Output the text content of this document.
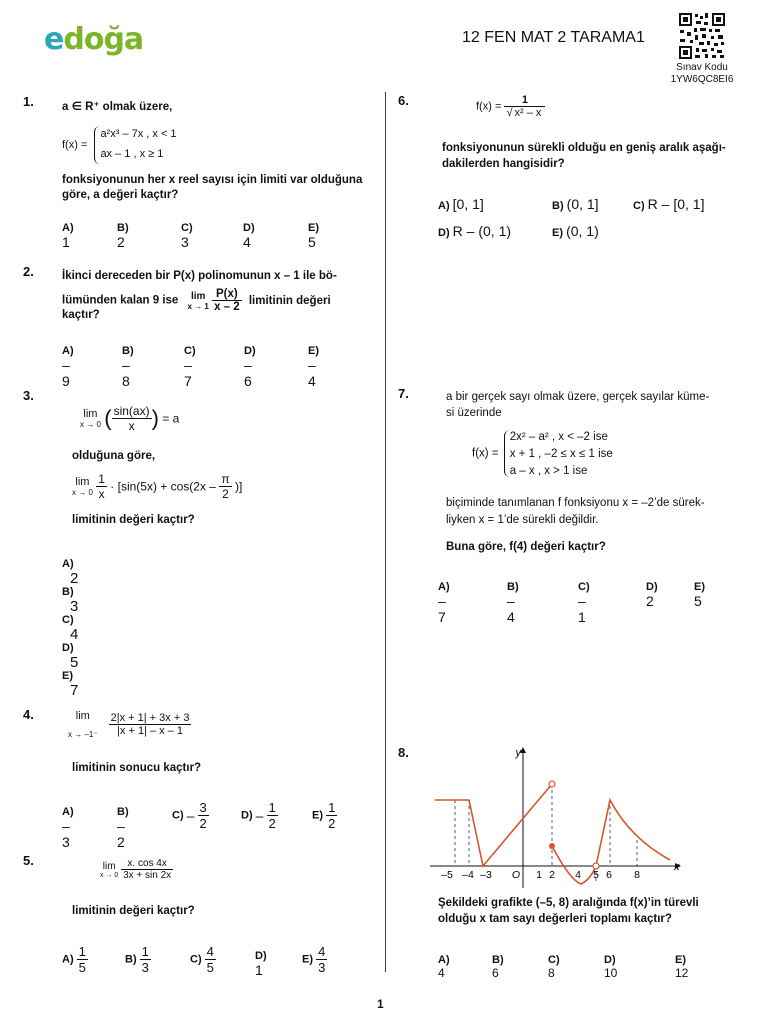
edoğa	12 FEN MAT 2 TARAMA1
Sınav Kodu
1YW6QC8EI6
1. a ∈ R⁺ olmak üzere,
f(x) =
a²x³ – 7x , x < 1
ax – 1 , x ≥ 1
fonksiyonunun her x reel sayısı için limiti var olduğuna göre, a değeri kaçtır?
A) 1
B) 2
C) 3
D) 4
E) 5
2. İkinci dereceden bir P(x) polinomunun x – 1 ile bö-
lümünden kalan 9 ise	lim
x → 1
$\frac{P(x)}{x - 2}$ limitinin değeri
kaçtır?
A) –9
B) –8
C) –7
D) –6
E) –4
3.
lim
x → 0 ( $\frac{\sin(ax)}{x}$ ) = a
olduğuna göre,
lim
x → 0
$\frac{1}{x} \cdot [\sin(5x) + \cos(2x - \frac{\pi}{2}$ )]
limitinin değeri kaçtır?
A) 2
B) 3
C) 4
D) 5
E) 7
4.	lim
x → –1⁻
$\frac{2|x + 1| + 3x + 3}{|x + 1| - x - 1}$
limitinin sonucu kaçtır?
A) –3
B) –2
$C) - \frac{3}{2}$	$D) - \frac{1}{2}$	$E) \frac{1}{2}$
5.	lim
x → 0
$\frac{x. \cos 4x}{3x + \sin 2x}$
limitinin değeri kaçtır?
$A) \frac{1}{5}$	$B) \frac{1}{3}$	$C) \frac{4}{5}$	D) 1
$E) \frac{4}{3}$
6.	$f(x) = \frac{1}{\text{√ x² – x}}$
fonksiyonunun sürekli olduğu en geniş aralık aşağı-
dakilerden hangisidir?
A) [0, 1]	B) (0, 1]	C) R – [0, 1]
D) R – (0, 1)	E) (0, 1)
7.	a bir gerçek sayı olmak üzere, gerçek sayılar küme-
si üzerinde
f(x) =
2x² – a² , x < –2 ise
x + 1 , –2 ≤ x ≤ 1 ise
a – x , x > 1 ise
biçiminde tanımlanan f fonksiyonu x = –2’de sürek-
liyken x = 1’de sürekli değildir.
Buna göre, f(4) değeri kaçtır?
A) –7
B) –4
C) –1
D) 2
E) 5
8.
x
y
–5 –4 –3 O 1 2 4 5 6 8
Şekildeki grafikte (–5, 8) aralığında f(x)’in türevli
olduğu x tam sayı değerleri toplamı kaçtır?
A) 4
B) 6
C) 8
D) 10
E) 12
1
